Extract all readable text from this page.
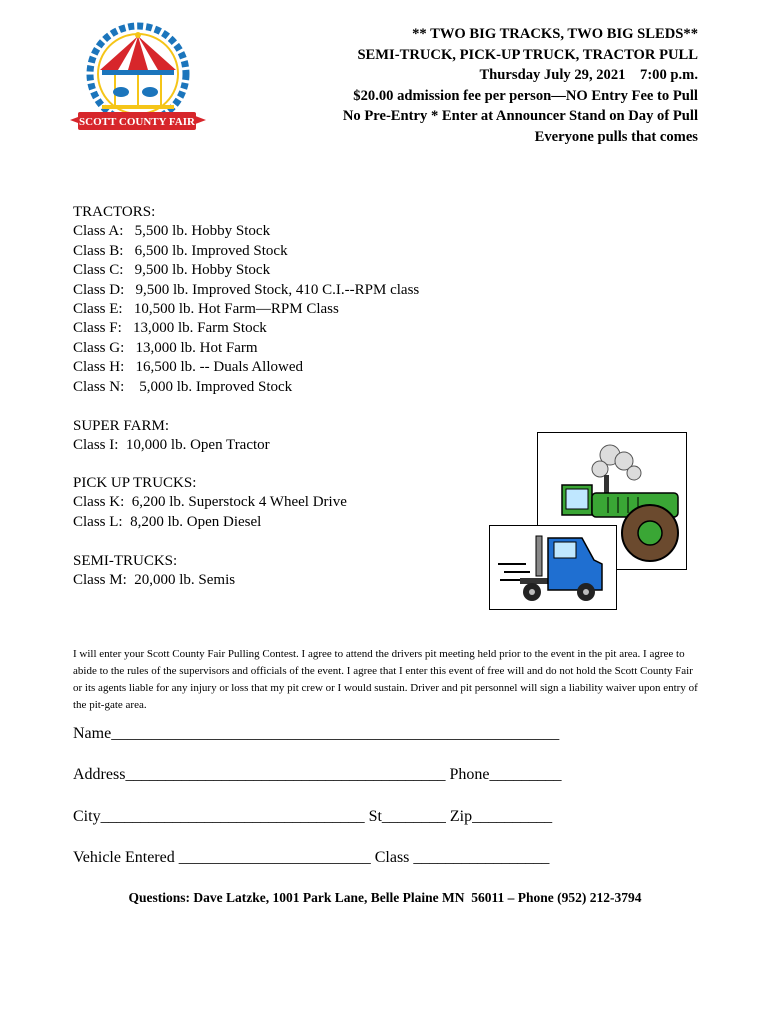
SCOTT COUNTY FAIR
** TWO BIG TRACKS, TWO BIG SLEDS**
SEMI-TRUCK, PICK-UP TRUCK, TRACTOR PULL
Thursday July 29, 2021    7:00 p.m.
$20.00 admission fee per person—NO Entry Fee to Pull
No Pre-Entry * Enter at Announcer Stand on Day of Pull
Everyone pulls that comes
TRACTORS:
Class A:   5,500 lb. Hobby Stock
Class B:   6,500 lb. Improved Stock
Class C:   9,500 lb. Hobby Stock
Class D:   9,500 lb. Improved Stock, 410 C.I.--RPM class
Class E:   10,500 lb. Hot Farm—RPM Class
Class F:   13,000 lb. Farm Stock
Class G:   13,000 lb. Hot Farm
Class H:   16,500 lb. -- Duals Allowed
Class N:    5,000 lb. Improved Stock
SUPER FARM:
Class I:  10,000 lb. Open Tractor
PICK UP TRUCKS:
Class K:  6,200 lb. Superstock 4 Wheel Drive
Class L:  8,200 lb. Open Diesel
SEMI-TRUCKS:
Class M:  20,000 lb. Semis
I will enter your Scott County Fair Pulling Contest. I agree to attend the drivers pit meeting held prior to the event in the pit area. I agree to abide to the rules of the supervisors and officials of the event. I agree that I enter this event of free will and do not hold the Scott County Fair or its agents liable for any injury or loss that my pit crew or I would sustain. Driver and pit personnel will sign a liability waiver upon entry of the pit-gate area.
Name________________________________________________________
Address________________________________________ Phone_________
City_________________________________ St________ Zip__________
Vehicle Entered ________________________ Class _________________
Questions: Dave Latzke, 1001 Park Lane, Belle Plaine MN  56011 – Phone (952) 212-3794
